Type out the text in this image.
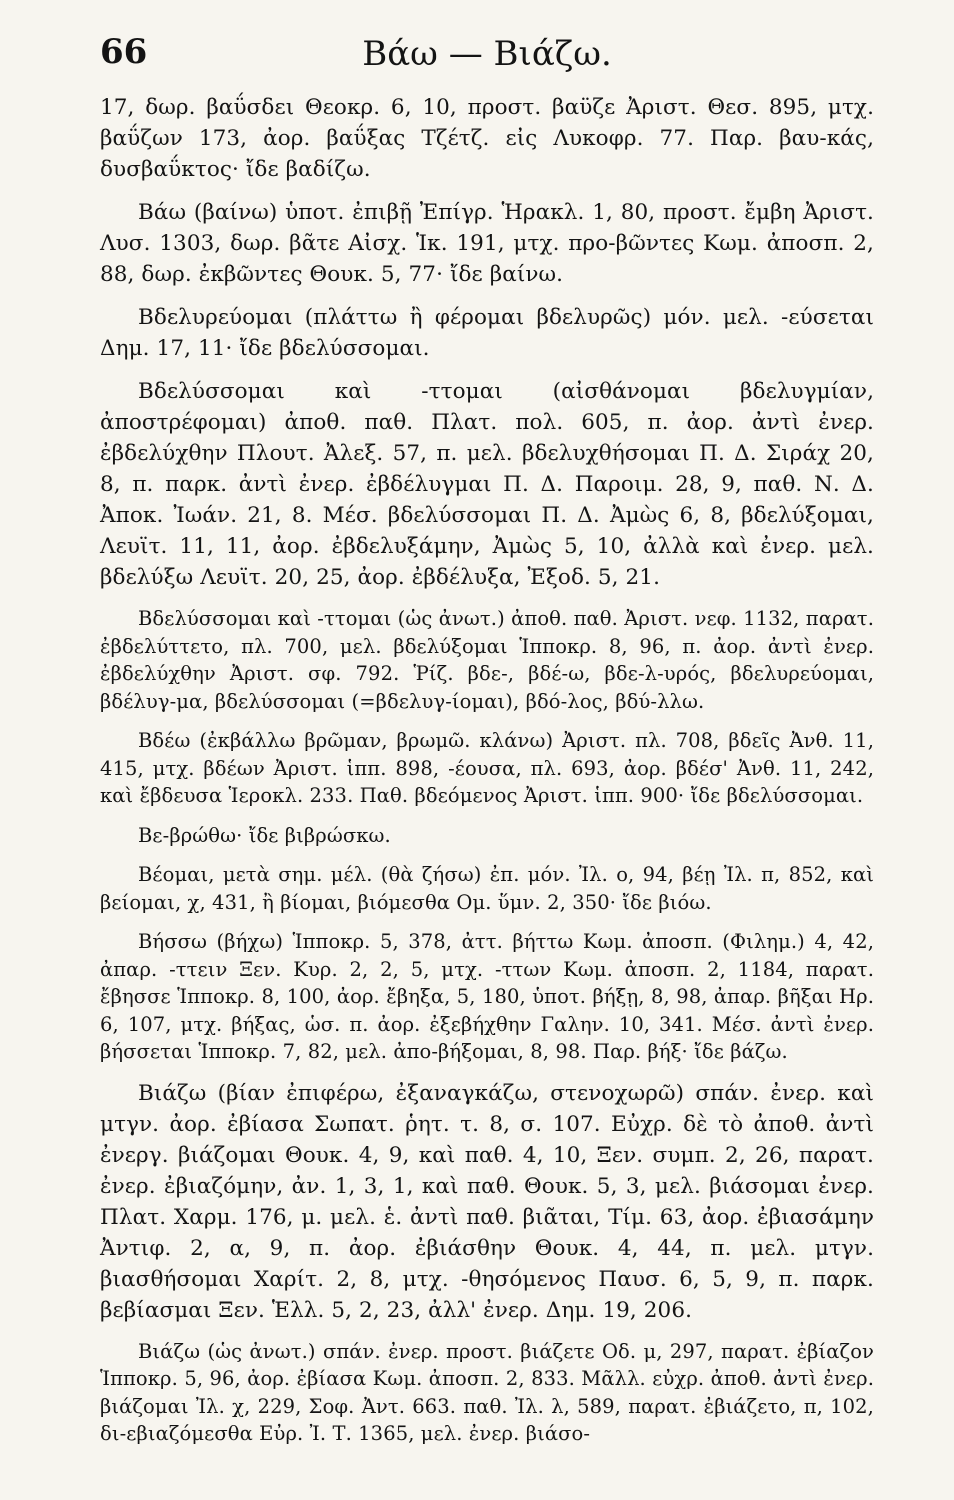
66	Βάω — Βιάζω.

17, δωρ. βαΰσδει Θεοκρ. 6, 10, προστ. βαϋζε Ἀριστ. Θεσ. 895, μτχ. βαΰζων 173, ἀορ. βαΰξας Τζέτζ. εἰς Λυκοφρ. 77. Παρ. βαυ-κάς, δυσβαΰκτος· ἴδε βαδίζω.

Βάω (βαίνω) ὑποτ. ἐπιβῇ Ἐπίγρ. Ἡρακλ. 1, 80, προστ. ἔμβη Ἀριστ. Λυσ. 1303, δωρ. βᾶτε Αἰσχ. Ἱκ. 191, μτχ. προ-βῶντες Κωμ. ἀποσπ. 2, 88, δωρ. ἐκβῶντες Θουκ. 5, 77· ἴδε βαίνω.

Βδελυρεύομαι (πλάττω ἢ φέρομαι βδελυρῶς) μόν. μελ. -εύσεται Δημ. 17, 11· ἴδε βδελύσσομαι.

Βδελύσσομαι καὶ -ττομαι (αἰσθάνομαι βδελυγμίαν, ἀποστρέφομαι) ἀποθ. παθ. Πλατ. πολ. 605, π. ἀορ. ἀντὶ ἐνερ. ἐβδελύχθην Πλουτ. Ἀλεξ. 57, π. μελ. βδελυχθήσομαι Π. Δ. Σιράχ 20, 8, π. παρκ. ἀντὶ ἐνερ. ἐβδέλυγμαι Π. Δ. Παροιμ. 28, 9, παθ. Ν. Δ. Ἀποκ. Ἰωάν. 21, 8. Μέσ. βδελύσσομαι Π. Δ. Ἀμὼς 6, 8, βδελύξομαι, Λευϊτ. 11, 11, ἀορ. ἐβδελυξάμην, Ἀμὼς 5, 10, ἀλλὰ καὶ ἐνερ. μελ. βδελύξω Λευϊτ. 20, 25, ἀορ. ἐβδέλυξα, Ἐξοδ. 5, 21.

Βδελύσσομαι καὶ -ττομαι (ὡς ἀνωτ.) ἀποθ. παθ. Ἀριστ. νεφ. 1132, παρατ. ἐβδελύττετο, πλ. 700, μελ. βδελύξομαι Ἱπποκρ. 8, 96, π. ἀορ. ἀντὶ ἐνερ. ἐβδελύχθην Ἀριστ. σφ. 792. Ῥίζ. βδε-, βδέ-ω, βδε-λ-υρός, βδελυρεύομαι, βδέλυγ-μα, βδελύσσομαι (=βδελυγ-ίομαι), βδό-λος, βδύ-λλω.

Βδέω (ἐκβάλλω βρῶμαν, βρωμῶ. κλάνω) Ἀριστ. πλ. 708, βδεῖς Ἀνθ. 11, 415, μτχ. βδέων Ἀριστ. ἱππ. 898, -έουσα, πλ. 693, ἀορ. βδέσ' Ἀνθ. 11, 242, καὶ ἔβδευσα Ἱεροκλ. 233. Παθ. βδεόμενος Ἀριστ. ἱππ. 900· ἴδε βδελύσσομαι.

Βε-βρώθω· ἴδε βιβρώσκω.

Βέομαι, μετὰ σημ. μέλ. (θὰ ζήσω) ἐπ. μόν. Ἰλ. ο, 94, βέῃ Ἰλ. π, 852, καὶ βείομαι, χ, 431, ἢ βίομαι, βιόμεσθα Ομ. ὕμν. 2, 350· ἴδε βιόω.

Βήσσω (βήχω) Ἱπποκρ. 5, 378, ἀττ. βήττω Κωμ. ἀποσπ. (Φιλημ.) 4, 42, ἀπαρ. -ττειν Ξεν. Κυρ. 2, 2, 5, μτχ. -ττων Κωμ. ἀποσπ. 2, 1184, παρατ. ἔβησσε Ἱπποκρ. 8, 100, ἀορ. ἔβηξα, 5, 180, ὑποτ. βήξῃ, 8, 98, ἀπαρ. βῆξαι Ηρ. 6, 107, μτχ. βήξας, ὡσ. π. ἀορ. ἐξεβήχθην Γαλην. 10, 341. Μέσ. ἀντὶ ἐνερ. βήσσεται Ἱπποκρ. 7, 82, μελ. ἀπο-βήξομαι, 8, 98. Παρ. βήξ· ἴδε βάζω.

Βιάζω (βίαν ἐπιφέρω, ἐξαναγκάζω, στενοχωρῶ) σπάν. ἐνερ. καὶ μτγν. ἀορ. ἐβίασα Σωπατ. ῥητ. τ. 8, σ. 107. Εὐχρ. δὲ τὸ ἀποθ. ἀντὶ ἐνεργ. βιάζομαι Θουκ. 4, 9, καὶ παθ. 4, 10, Ξεν. συμπ. 2, 26, παρατ. ἐνερ. ἐβιαζόμην, ἀν. 1, 3, 1, καὶ παθ. Θουκ. 5, 3, μελ. βιάσομαι ἐνερ. Πλατ. Χαρμ. 176, μ. μελ. ἑ. ἀντὶ παθ. βιᾶται, Τίμ. 63, ἀορ. ἐβιασάμην Ἀντιφ. 2, α, 9, π. ἀορ. ἐβιάσθην Θουκ. 4, 44, π. μελ. μτγν. βιασθήσομαι Χαρίτ. 2, 8, μτχ. -θησόμενος Παυσ. 6, 5, 9, π. παρκ. βεβίασμαι Ξεν. Ἑλλ. 5, 2, 23, ἀλλ' ἐνερ. Δημ. 19, 206.

Βιάζω (ὡς ἀνωτ.) σπάν. ἐνερ. προστ. βιάζετε Οδ. μ, 297, παρατ. ἐβίαζον Ἱπποκρ. 5, 96, ἀορ. ἐβίασα Κωμ. ἀποσπ. 2, 833. Μᾶλλ. εὐχρ. ἀποθ. ἀντὶ ἐνερ. βιάζομαι Ἰλ. χ, 229, Σοφ. Ἀντ. 663. παθ. Ἰλ. λ, 589, παρατ. ἐβιάζετο, π, 102, δι-εβιαζόμεσθα Εὐρ. Ἰ. Τ. 1365, μελ. ἐνερ. βιάσο-
